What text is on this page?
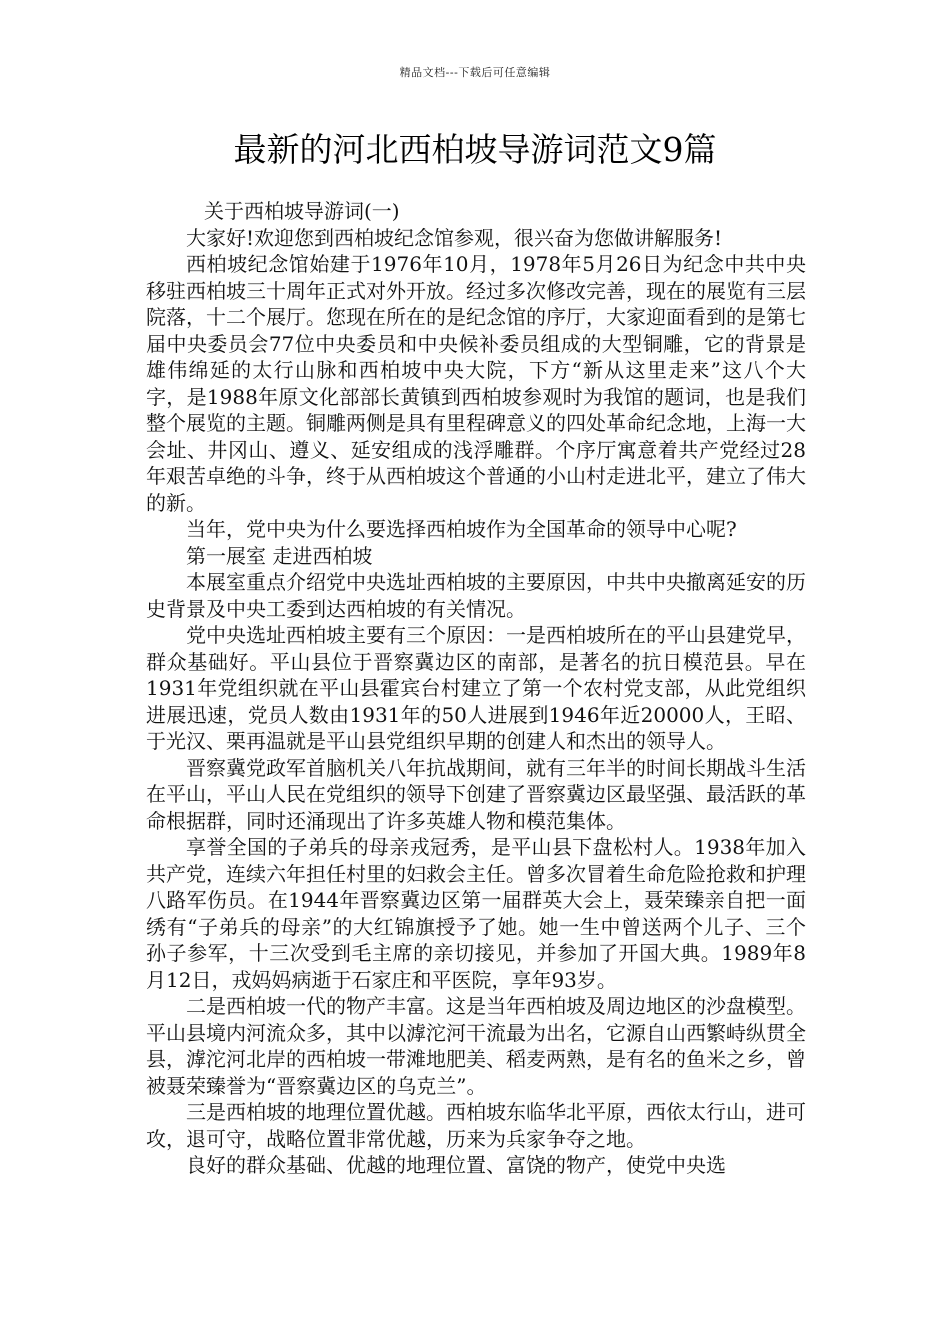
精品文档---下载后可任意编辑
最新的河北西柏坡导游词范文9篇

关于西柏坡导游词(一)

大家好!欢迎您到西柏坡纪念馆参观，很兴奋为您做讲解服务!

西柏坡纪念馆始建于1976年10月，1978年5月26日为纪念中共中央移驻西柏坡三十周年正式对外开放。经过多次修改完善，现在的展览有三层院落，十二个展厅。您现在所在的是纪念馆的序厅，大家迎面看到的是第七届中央委员会77位中央委员和中央候补委员组成的大型铜雕，它的背景是雄伟绵延的太行山脉和西柏坡中央大院，下方“新从这里走来”这八个大字，是1988年原文化部部长黄镇到西柏坡参观时为我馆的题词，也是我们整个展览的主题。铜雕两侧是具有里程碑意义的四处革命纪念地，上海一大会址、井冈山、遵义、延安组成的浅浮雕群。个序厅寓意着共产党经过28年艰苦卓绝的斗争，终于从西柏坡这个普通的小山村走进北平，建立了伟大的新。

当年，党中央为什么要选择西柏坡作为全国革命的领导中心呢?

第一展室 走进西柏坡

本展室重点介绍党中央选址西柏坡的主要原因，中共中央撤离延安的历史背景及中央工委到达西柏坡的有关情况。

党中央选址西柏坡主要有三个原因：一是西柏坡所在的平山县建党早，群众基础好。平山县位于晋察冀边区的南部，是著名的抗日模范县。早在1931年党组织就在平山县霍宾台村建立了第一个农村党支部，从此党组织进展迅速，党员人数由1931年的50人进展到1946年近20000人，王昭、于光汉、栗再温就是平山县党组织早期的创建人和杰出的领导人。

晋察冀党政军首脑机关八年抗战期间，就有三年半的时间长期战斗生活在平山，平山人民在党组织的领导下创建了晋察冀边区最坚强、最活跃的革命根据群，同时还涌现出了许多英雄人物和模范集体。

享誉全国的子弟兵的母亲戎冠秀，是平山县下盘松村人。1938年加入共产党，连续六年担任村里的妇救会主任。曾多次冒着生命危险抢救和护理八路军伤员。在1944年晋察冀边区第一届群英大会上，聂荣臻亲自把一面绣有“子弟兵的母亲”的大红锦旗授予了她。她一生中曾送两个儿子、三个孙子参军，十三次受到毛主席的亲切接见，并参加了开国大典。1989年8月12日，戎妈妈病逝于石家庄和平医院，享年93岁。

二是西柏坡一代的物产丰富。这是当年西柏坡及周边地区的沙盘模型。平山县境内河流众多，其中以滹沱河干流最为出名，它源自山西繁峙纵贯全县，滹沱河北岸的西柏坡一带滩地肥美、稻麦两熟，是有名的鱼米之乡，曾被聂荣臻誉为“晋察冀边区的乌克兰”。

三是西柏坡的地理位置优越。西柏坡东临华北平原，西依太行山，进可攻，退可守，战略位置非常优越，历来为兵家争夺之地。

良好的群众基础、优越的地理位置、富饶的物产，使党中央选
